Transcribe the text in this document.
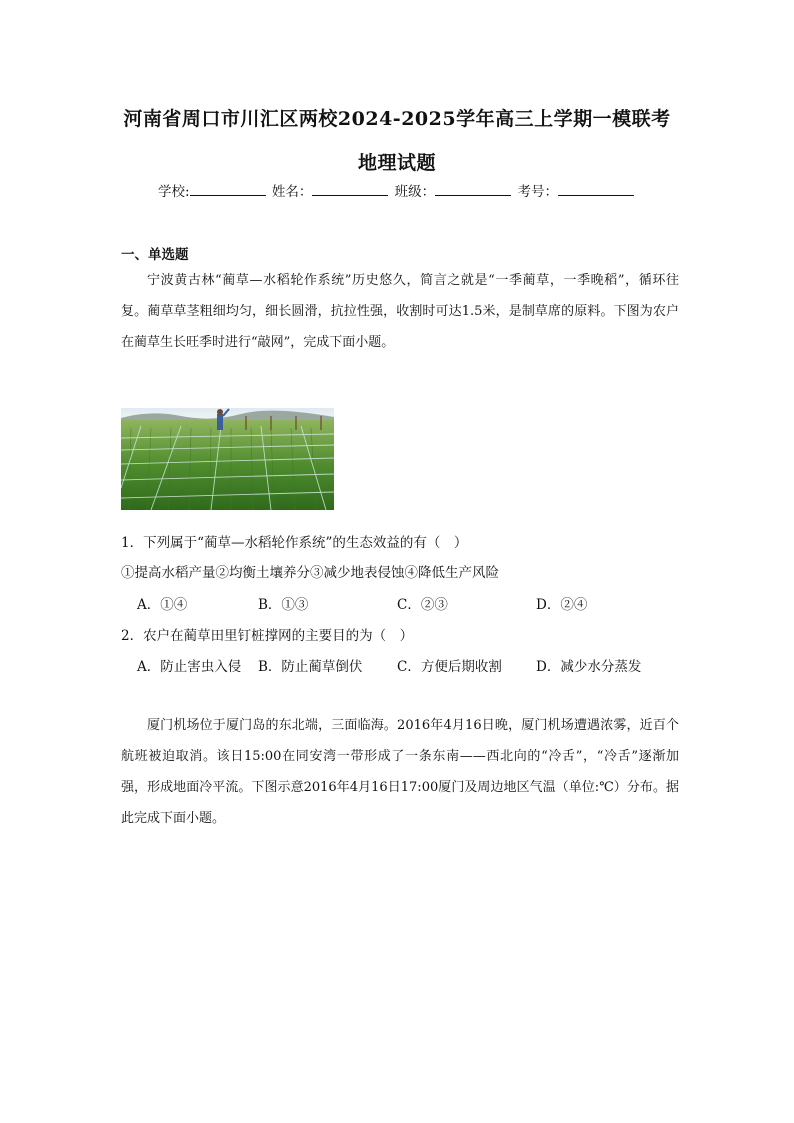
河南省周口市川汇区两校2024-2025学年高三上学期一模联考
地理试题
学校:	姓名：	班级：	考号：
一、单选题

宁波黄古林“蔺草—水稻轮作系统”历史悠久，简言之就是“一季蔺草，一季晚稻”，循环往复。蔺草草茎粗细均匀，细长圆滑，抗拉性强，收割时可达1.5米，是制草席的原料。下图为农户在蔺草生长旺季时进行“敲网”，完成下面小题。

1．下列属于“蔺草—水稻轮作系统”的生态效益的有（　）
①提高水稻产量②均衡土壤养分③减少地表侵蚀④降低生产风险
A．①④	B．①③	C．②③	D．②④
2．农户在蔺草田里钉桩撑网的主要目的为（　）
A．防止害虫入侵 B．防止蔺草倒伏	C．方便后期收割	D．减少水分蒸发

厦门机场位于厦门岛的东北端，三面临海。2016年4月16日晚，厦门机场遭遇浓雾，近百个航班被迫取消。该日15:00在同安湾一带形成了一条东南——西北向的“冷舌”，“冷舌”逐渐加强，形成地面冷平流。下图示意2016年4月16日17:00厦门及周边地区气温（单位:℃）分布。据此完成下面小题。
